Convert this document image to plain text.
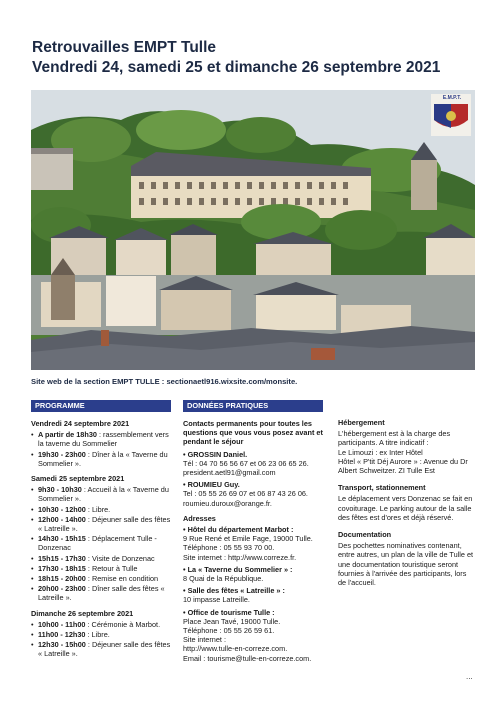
Retrouvailles EMPT Tulle
Vendredi 24, samedi 25 et dimanche 26 septembre 2021
E.M.P.T.
Site web de la section EMPT TULLE : sectionaetl916.wixsite.com/monsite.
PROGRAMME
Vendredi 24 septembre 2021
• A partir de 18h30 : rassemblement vers la taverne du Sommelier
• 19h30 - 23h00 : Dîner à la « Taverne du Sommelier ».
Samedi 25 septembre 2021
• 9h30 - 10h30 : Accueil à la « Taverne du Sommelier ».
• 10h30 - 12h00 : Libre.
• 12h00 - 14h00 : Déjeuner salle des fêtes « Latreille ».
• 14h30 - 15h15 : Déplacement Tulle - Donzenac
• 15h15 - 17h30 : Visite de Donzenac
• 17h30 - 18h15 : Retour à Tulle
• 18h15 - 20h00 : Remise en condition
• 20h00 - 23h00 : Dîner salle des fêtes « Latreille ».
Dimanche 26 septembre 2021
• 10h00 - 11h00 : Cérémonie à Marbot.
• 11h00 - 12h30 : Libre.
• 12h30 - 15h00 : Déjeuner salle des fêtes « Latreille ».
DONNÉES PRATIQUES
Contacts permanents pour toutes les questions que vous vous posez avant et pendant le séjour
• GROSSIN Daniel.
Tél : 04 70 56 56 67 et 06 23 06 65 26.
president.aetl91@gmail.com
• ROUMIEU Guy.
Tel : 05 55 26 69 07 et 06 87 43 26 06.
roumieu.duroux@orange.fr.
Adresses
• Hôtel du département Marbot :
9 Rue René et Emile Fage, 19000 Tulle.
Téléphone : 05 55 93 70 00.
Site internet : http://www.correze.fr.
• La « Taverne du Sommelier » :
8 Quai de la République.
• Salle des fêtes « Latreille » :
10 impasse Latreille.
• Office de tourisme Tulle :
Place Jean Tavé, 19000 Tulle.
Téléphone : 05 55 26 59 61.
Site internet :
http://www.tulle-en-correze.com.
Email : tourisme@tulle-en-correze.com.
Hébergement
L'hébergement est à la charge des participants. A titre indicatif :
Le Limouzi : ex Inter Hôtel
Hôtel « P'tit Déj Aurore » : Avenue du Dr Albert Schweitzer. ZI Tulle Est
Transport, stationnement
Le déplacement vers Donzenac se fait en covoiturage. Le parking autour de la salle des fêtes est d'ores et déjà réservé.
Documentation
Des pochettes nominatives contenant, entre autres, un plan de la ville de Tulle et une documentation touristique seront fournies à l'arrivée des participants, lors de l'accueil.
...
